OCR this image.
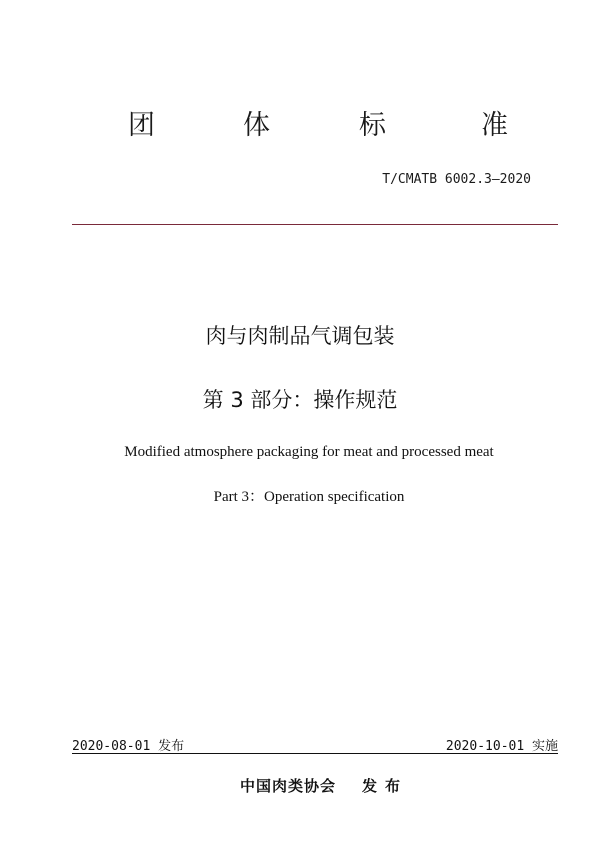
团	体	标	准
T/CMATB 6002.3—2020
肉与肉制品气调包装
第 3 部分：操作规范
Modified atmosphere packaging for meat and processed meat
Part 3：Operation specification
2020-08-01 发布	2020-10-01 实施
中国肉类协会 发布
